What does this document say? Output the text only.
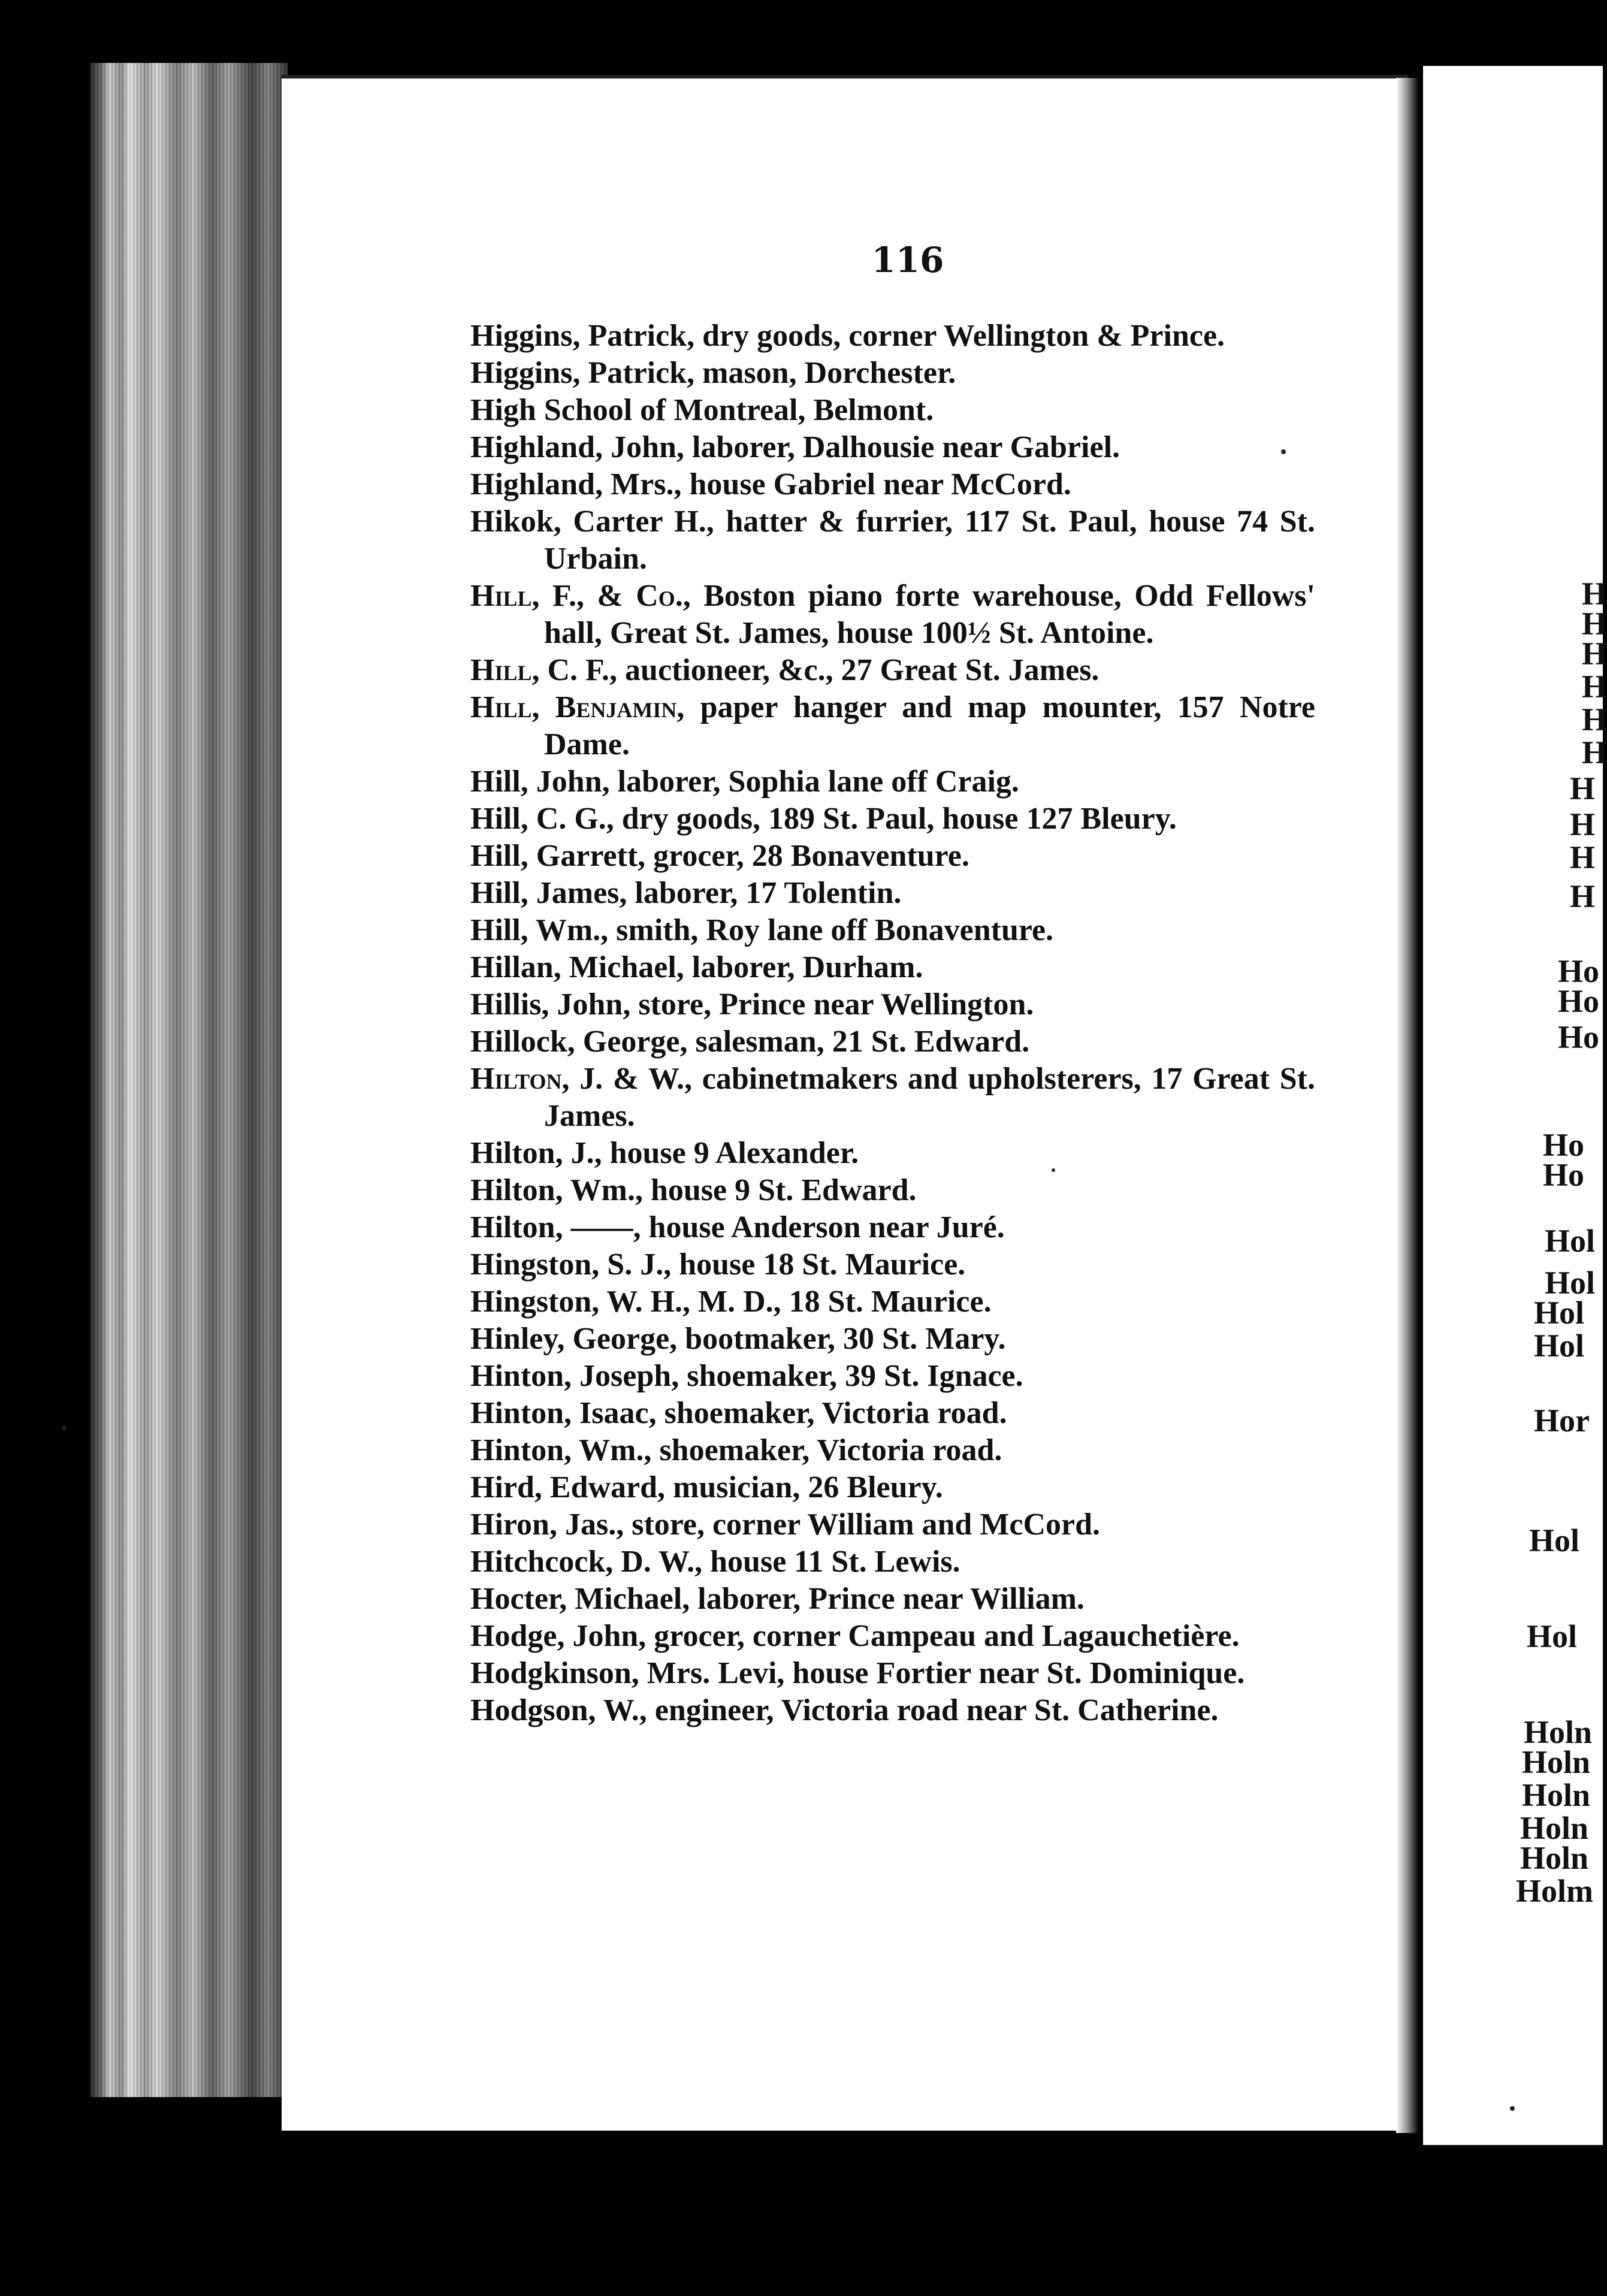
116
Higgins, Patrick, dry goods, corner Wellington & Prince.
Higgins, Patrick, mason, Dorchester.
High School of Montreal, Belmont.
Highland, John, laborer, Dalhousie near Gabriel.
Highland, Mrs., house Gabriel near McCord.
Hikok, Carter H., hatter & furrier, 117 St. Paul, house 74 St. Urbain.
Hill, F., & Co., Boston piano forte warehouse, Odd Fellows' hall, Great St. James, house 100½ St. Antoine.
Hill, C. F., auctioneer, &c., 27 Great St. James.
Hill, Benjamin, paper hanger and map mounter, 157 Notre Dame.
Hill, John, laborer, Sophia lane off Craig.
Hill, C. G., dry goods, 189 St. Paul, house 127 Bleury.
Hill, Garrett, grocer, 28 Bonaventure.
Hill, James, laborer, 17 Tolentin.
Hill, Wm., smith, Roy lane off Bonaventure.
Hillan, Michael, laborer, Durham.
Hillis, John, store, Prince near Wellington.
Hillock, George, salesman, 21 St. Edward.
Hilton, J. & W., cabinetmakers and upholsterers, 17 Great St. James.
Hilton, J., house 9 Alexander.
Hilton, Wm., house 9 St. Edward.
Hilton, ——, house Anderson near Juré.
Hingston, S. J., house 18 St. Maurice.
Hingston, W. H., M. D., 18 St. Maurice.
Hinley, George, bootmaker, 30 St. Mary.
Hinton, Joseph, shoemaker, 39 St. Ignace.
Hinton, Isaac, shoemaker, Victoria road.
Hinton, Wm., shoemaker, Victoria road.
Hird, Edward, musician, 26 Bleury.
Hiron, Jas., store, corner William and McCord.
Hitchcock, D. W., house 11 St. Lewis.
Hocter, Michael, laborer, Prince near William.
Hodge, John, grocer, corner Campeau and Lagauchetière.
Hodgkinson, Mrs. Levi, house Fortier near St. Dominique.
Hodgson, W., engineer, Victoria road near St. Catherine.
H
H
H
H
H
H
H
H
H
H
Ho
Ho
Ho
Ho
Ho
Hol
Hol
Hol
Hol
Hor
Hol
Hol
Holn
Holn
Holn
Holn
Holn
Holm
